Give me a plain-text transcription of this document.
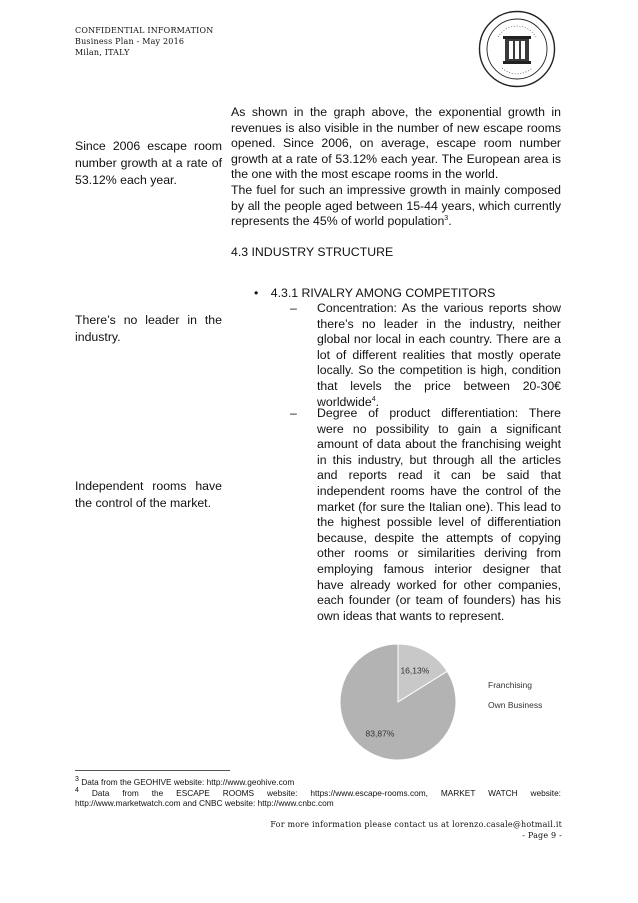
CONFIDENTIAL INFORMATION
Business Plan - May 2016
Milan, ITALY
Since 2006 escape room number growth at a rate of 53.12% each year.
There’s no leader in the industry.
Independent rooms have the control of the market.

As shown in the graph above, the exponential growth in revenues is also visible in the number of new escape rooms opened. Since 2006, on average, escape room number growth at a rate of 53.12% each year. The European area is the one with the most escape rooms in the world.

The fuel for such an impressive growth in mainly composed by all the people aged between 15-44 years, which currently represents the 45% of world population$^3$.

4.3 INDUSTRY STRUCTURE

• 4.3.1 RIVALRY AMONG COMPETITORS
–	Concentration: As the various reports show there’s no leader in the industry, neither global nor local in each country. There are a lot of different realities that mostly operate locally. So the competition is high, condition that levels the price between 20-30€ worldwide$^4$.
–	Degree of product differentiation: There were no possibility to gain a significant amount of data about the franchising weight in this industry, but through all the articles and reports read it can be said that independent rooms have the control of the market (for sure the Italian one). This lead to the highest possible level of differentiation because, despite the attempts of copying other rooms or similarities deriving from employing famous interior designer that have already worked for other companies, each founder (or team of founders) has his own ideas that wants to represent.
16,13%
83,87%
Franchising
Own Business
$^3$ Data from the GEOHIVE website: http://www.geohive.com
$^4$ Data from the ESCAPE ROOMS website: https://www.escape-rooms.com, MARKET WATCH website: http://www.marketwatch.com and CNBC website: http://www.cnbc.com
For more information please contact us at lorenzo.casale@hotmail.it
- Page 9 -
